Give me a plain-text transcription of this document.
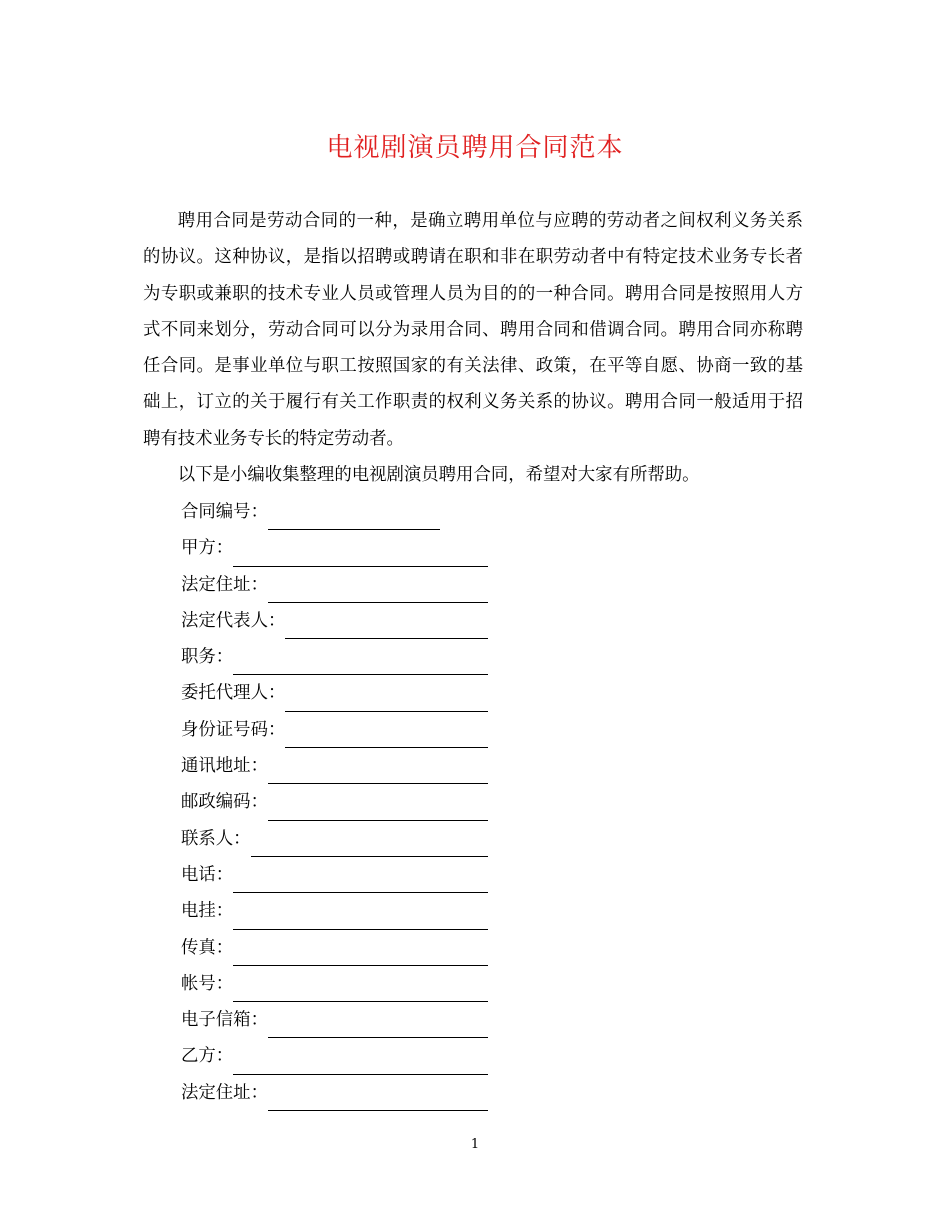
电视剧演员聘用合同范本

聘用合同是劳动合同的一种，是确立聘用单位与应聘的劳动者之间权利义务关系的协议。这种协议，是指以招聘或聘请在职和非在职劳动者中有特定技术业务专长者为专职或兼职的技术专业人员或管理人员为目的的一种合同。聘用合同是按照用人方式不同来划分，劳动合同可以分为录用合同、聘用合同和借调合同。聘用合同亦称聘任合同。是事业单位与职工按照国家的有关法律、政策，在平等自愿、协商一致的基础上，订立的关于履行有关工作职责的权利义务关系的协议。聘用合同一般适用于招聘有技术业务专长的特定劳动者。

以下是小编收集整理的电视剧演员聘用合同，希望对大家有所帮助。

合同编号：
甲方：
法定住址：
法定代表人：
职务：
委托代理人：
身份证号码：
通讯地址：
邮政编码：
联系人：
电话：
电挂：
传真：
帐号：
电子信箱：
乙方：
法定住址：
1
